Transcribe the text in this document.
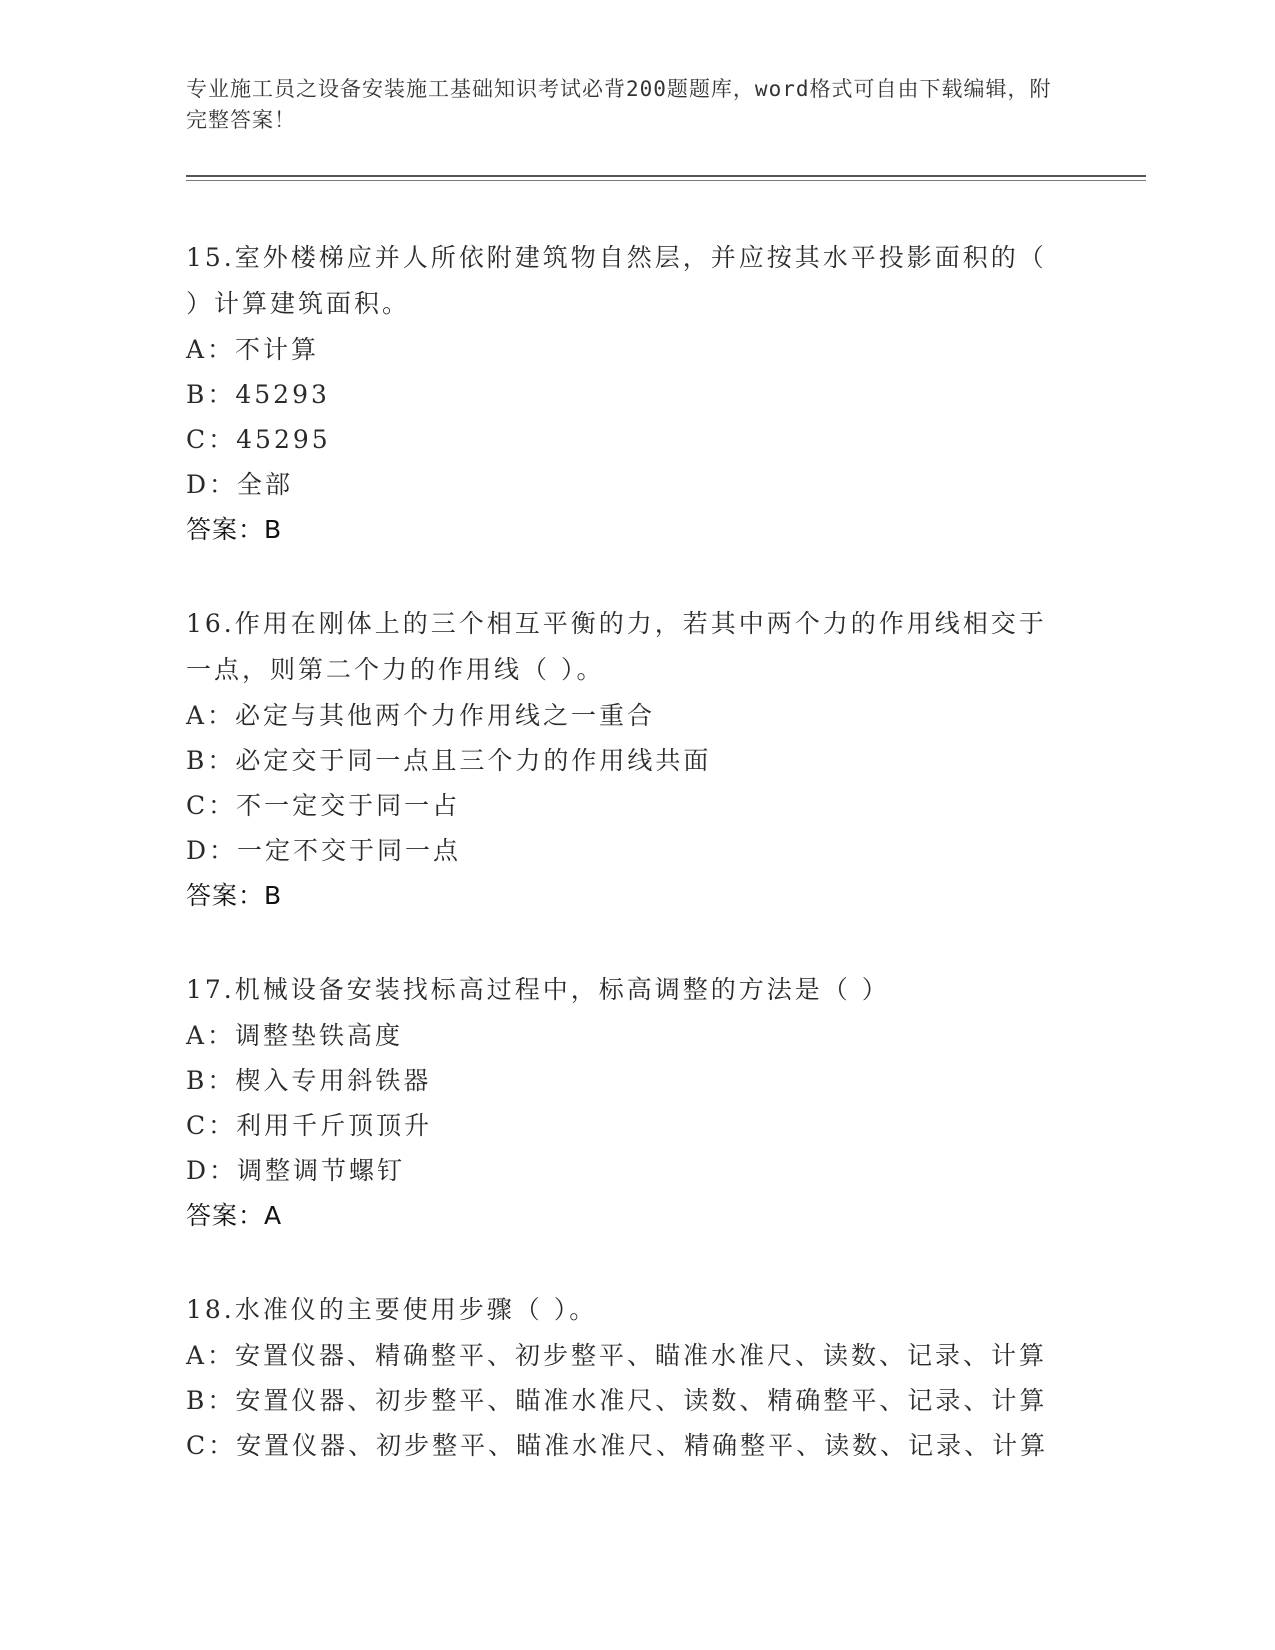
专业施工员之设备安装施工基础知识考试必背200题题库，word格式可自由下载编辑，附完整答案！
15.室外楼梯应并人所依附建筑物自然层，并应按其水平投影面积的（ ）计算建筑面积。
A：不计算
B：45293
C：45295
D：全部
答案：B
16.作用在刚体上的三个相互平衡的力，若其中两个力的作用线相交于一点，则第二个力的作用线（ ）。
A：必定与其他两个力作用线之一重合
B：必定交于同一点且三个力的作用线共面
C：不一定交于同一占
D：一定不交于同一点
答案：B
17.机械设备安装找标高过程中，标高调整的方法是（ ）
A：调整垫铁高度
B：楔入专用斜铁器
C：利用千斤顶顶升
D：调整调节螺钉
答案：A
18.水准仪的主要使用步骤（ ）。
A：安置仪器、精确整平、初步整平、瞄准水准尺、读数、记录、计算
B：安置仪器、初步整平、瞄准水准尺、读数、精确整平、记录、计算
C：安置仪器、初步整平、瞄准水准尺、精确整平、读数、记录、计算
